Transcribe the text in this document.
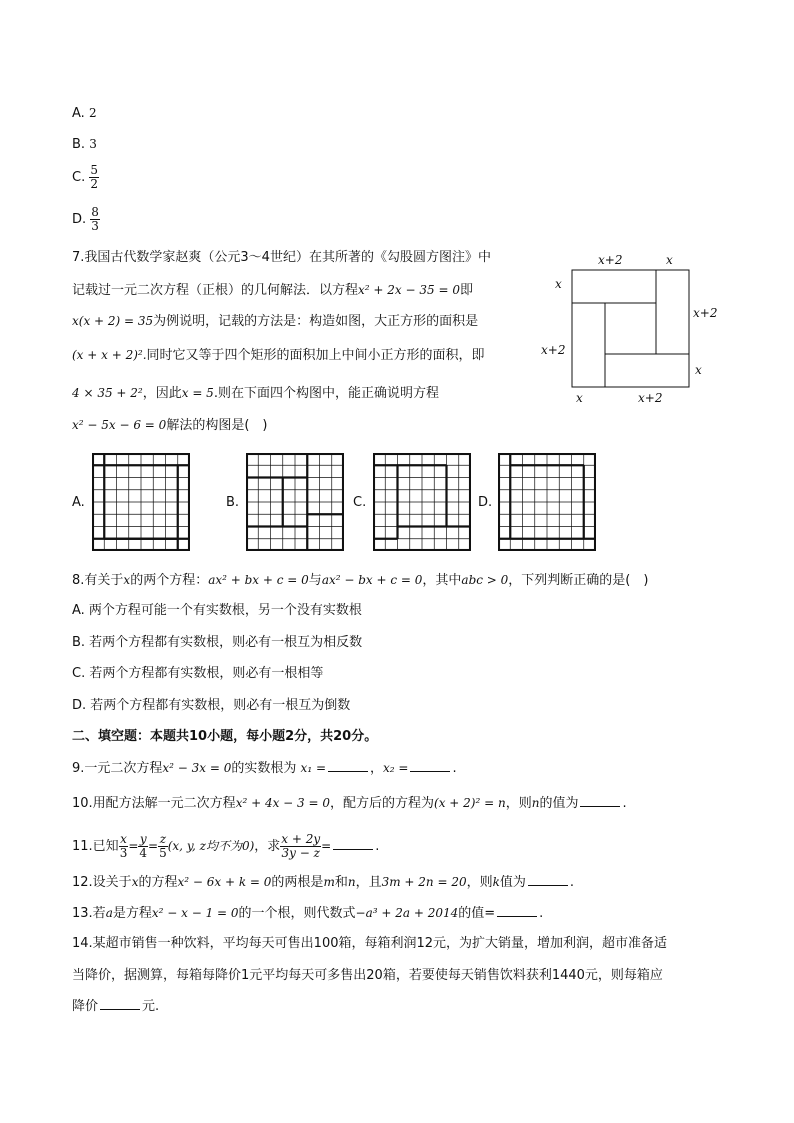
A. 2
B. 3
C. $\frac{5}{2}$
D. $\frac{8}{3}$
7.我国古代数学家赵爽（公元3～4世纪）在其所著的《勾股圆方图注》中
记载过一元二次方程（正根）的几何解法．以方程x² + 2x − 35 = 0即
x(x + 2) = 35为例说明，记载的方法是：构造如图，大正方形的面积是
(x + x + 2)².同时它又等于四个矩形的面积加上中间小正方形的面积，即
4 × 35 + 2²，因此x = 5.则在下面四个构图中，能正确说明方程
x² − 5x − 6 = 0解法的构图是(　)
x+2	x
x
x+2
x+2
x
x	x+2
A.	B.	C.	D.
8.有关于x的两个方程：ax² + bx + c = 0与ax² − bx + c = 0，其中abc > 0，下列判断正确的是(　)
A. 两个方程可能一个有实数根，另一个没有实数根
B. 若两个方程都有实数根，则必有一根互为相反数
C. 若两个方程都有实数根，则必有一根相等
D. 若两个方程都有实数根，则必有一根互为倒数
二、填空题：本题共10小题，每小题2分，共20分。
9.一元二次方程x² − 3x = 0的实数根为 x₁ =	，x₂ =	.
10.用配方法解一元二次方程x² + 4x − 3 = 0，配方后的方程为(x + 2)² = n，则n的值为	.
11.已知 $\frac{x}{3} = \frac{y}{4} = \frac{z}{5} (x$, y, z均不为0)，求 $\frac{x + 2y}{3y - z}$ =	.
12.设关于x的方程x² − 6x + k = 0的两根是m和n，且3m + 2n = 20，则k值为	.
13.若a是方程x² − x − 1 = 0的一个根，则代数式−a³ + 2a + 2014的值=	.
14.某超市销售一种饮料，平均每天可售出100箱，每箱利润12元，为扩大销量，增加利润，超市准备适
当降价，据测算，每箱每降价1元平均每天可多售出20箱，若要使每天销售饮料获利1440元，则每箱应
降价	元.
